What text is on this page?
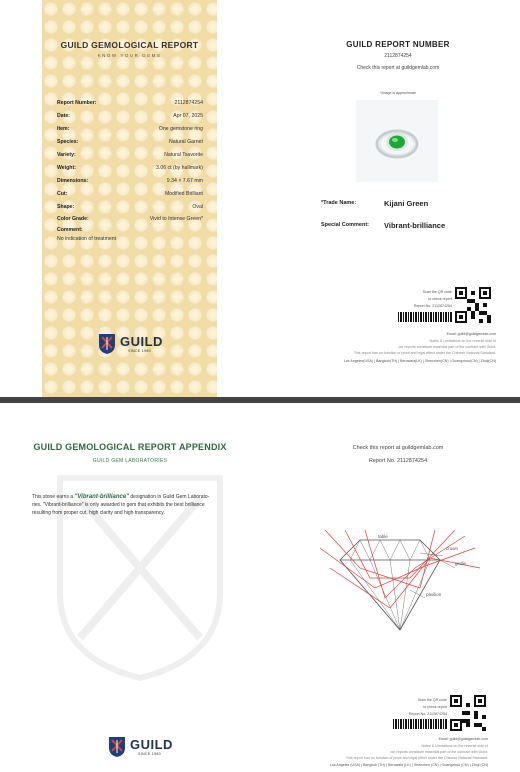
GUILD GEMOLOGICAL REPORT
KNOW YOUR GEMS
Report Number:	2112874254
Date:	Apr 07, 2025
Item:	One gemstone ring
Species:	Natural Garnet
Variety:	Natural Tsavorite
Weight:	3.06 ct (by hallmark)
Dimensions:	9.34 × 7.67 mm
Cut:	Modified Brilliant
Shape:	Oval
Color Grade:	Vivid to Intense Green*
Comment:
No indication of treatment
GUILD
SINCE 1980
GUILD REPORT NUMBER
2112874254
Check this report at guildgemlab.com
*Image is approximate
*Trade Name:	Kijani Green
Special Comment: Vibrant-brilliance
Scan the QR code
to check report
Report No. 2112874254
Email: guild@guildgemlab.com
Notes & Limitations on the reverse side of
our reports constitute essential part of the contract with Guild.
This report has no function of proof and legal effect under the Chinese National Standard.
Los Angeles(USA) | Bangkok(TH) | Beruwala(LK) | Shenzhen(CN) | Guangzhou(CN) | Zhuji(CN)
GUILD GEMOLOGICAL REPORT APPENDIX
GUILD GEM LABORATORIES
This stone earns a "Vibrant-brilliance" designation in Guild Gem Laborato-
ries. "Vibrant-brilliance" is only awarded to gem that exhibits the best brilliance
resulting from proper cut, high clarity and high transparency.
GUILD
SINCE 1980
Check this report at guildgemlab.com
Report No. 2112874254
table
crown
girdle
pavilion
Scan the QR code
to check report
Report No. 2112874254
Email: guild@guildgemlab.com
Notes & Limitations on the reverse side of
our reports constitute essential part of the contract with Guild.
This report has no function of proof and legal effect under the Chinese National Standard.
Los Angeles (USA) | Bangkok (TH) | Beruwala (LK) | Shenzhen (CN) | Guangzhou (CN) | Zhuji (CN)
